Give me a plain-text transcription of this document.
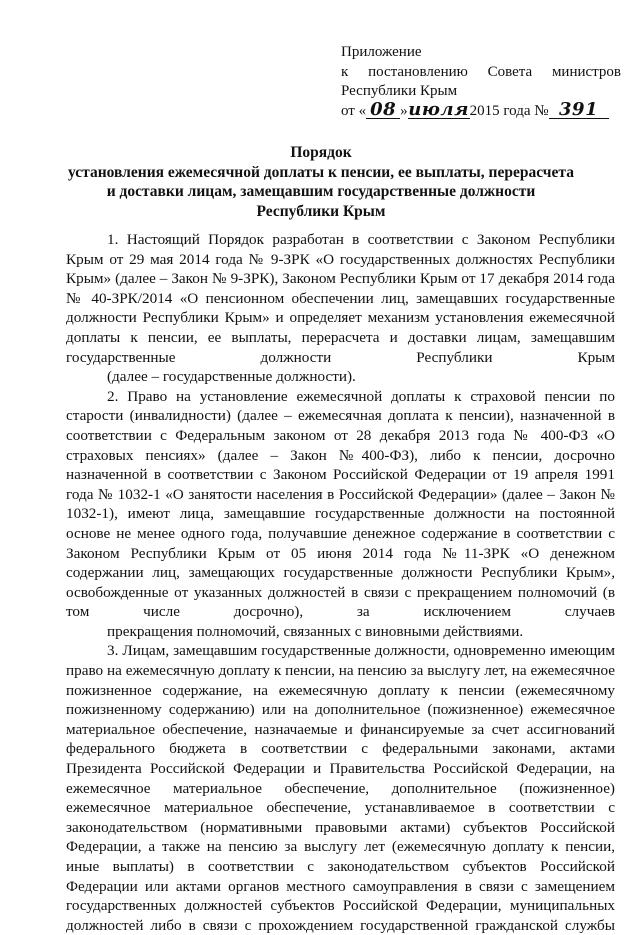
Приложение
к постановлению Совета министров
Республики Крым
от « 08 »июля2015 года № 391
Порядок
установления ежемесячной доплаты к пенсии, ее выплаты, перерасчета
и доставки лицам, замещавшим государственные должности
Республики Крым
1. Настоящий Порядок разработан в соответствии с Законом Республики Крым от 29 мая 2014 года № 9-ЗРК «О государственных должностях Республики Крым» (далее – Закон № 9-ЗРК), Законом Республики Крым от 17 декабря 2014 года № 40-ЗРК/2014 «О пенсионном обеспечении лиц, замещавших государственные должности Республики Крым» и определяет механизм установления ежемесячной доплаты к пенсии, ее выплаты, перерасчета и доставки лицам, замещавшим государственные должности Республики Крым
(далее – государственные должности).
2. Право на установление ежемесячной доплаты к страховой пенсии по старости (инвалидности) (далее – ежемесячная доплата к пенсии), назначенной в соответствии с Федеральным законом от 28 декабря 2013 года № 400-ФЗ «О страховых пенсиях» (далее – Закон №400-ФЗ), либо к пенсии, досрочно назначенной в соответствии с Законом Российской Федерации от 19 апреля 1991 года № 1032-1 «О занятости населения в Российской Федерации» (далее – Закон № 1032-1), имеют лица, замещавшие государственные должности на постоянной основе не менее одного года, получавшие денежное содержание в соответствии с Законом Республики Крым от 05 июня 2014 года №11-ЗРК «О денежном содержании лиц, замещающих государственные должности Республики Крым», освобожденные от указанных должностей в связи с прекращением полномочий (в том числе досрочно), за исключением случаев
прекращения полномочий, связанных с виновными действиями.
3. Лицам, замещавшим государственные должности, одновременно имеющим право на ежемесячную доплату к пенсии, на пенсию за выслугу лет, на ежемесячное пожизненное содержание, на ежемесячную доплату к пенсии (ежемесячному пожизненному содержанию) или на дополнительное (пожизненное) ежемесячное материальное обеспечение, назначаемые и финансируемые за счет ассигнований федерального бюджета в соответствии с федеральными законами, актами Президента Российской Федерации и Правительства Российской Федерации, на ежемесячное материальное обеспечение, дополнительное (пожизненное) ежемесячное материальное обеспечение, устанавливаемое в соответствии с законодательством (нормативными правовыми актами) субъектов Российской Федерации, а также на пенсию за выслугу лет (ежемесячную доплату к пенсии, иные выплаты) в соответствии с законодательством субъектов Российской Федерации или актами органов местного самоуправления в связи с замещением государственных должностей субъектов Российской Федерации, муниципальных должностей либо в связи с прохождением государственной гражданской службы
